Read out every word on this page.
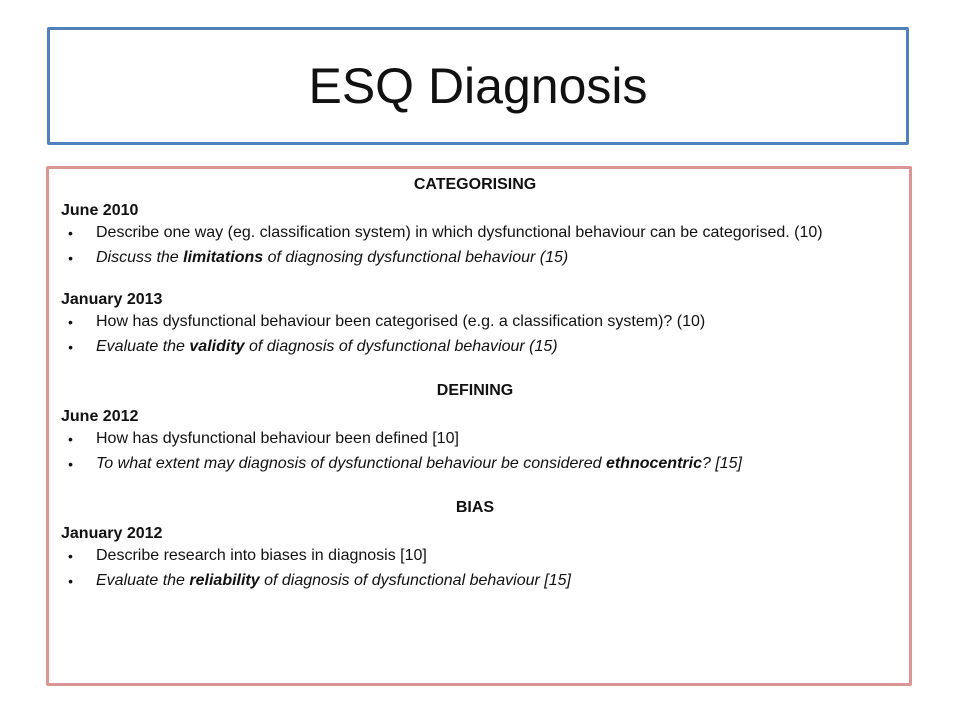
ESQ Diagnosis
CATEGORISING
June 2010
• Describe one way (eg. classification system) in which dysfunctional behaviour can be categorised. (10)
• Discuss the limitations of diagnosing dysfunctional behaviour (15)
January 2013
• How has dysfunctional behaviour been categorised (e.g. a classification system)? (10)
• Evaluate the validity of diagnosis of dysfunctional behaviour (15)
DEFINING
June 2012
• How has dysfunctional behaviour been defined [10]
• To what extent may diagnosis of dysfunctional behaviour be considered ethnocentric? [15]
BIAS
January 2012
• Describe research into biases in diagnosis [10]
• Evaluate the reliability of diagnosis of dysfunctional behaviour [15]
